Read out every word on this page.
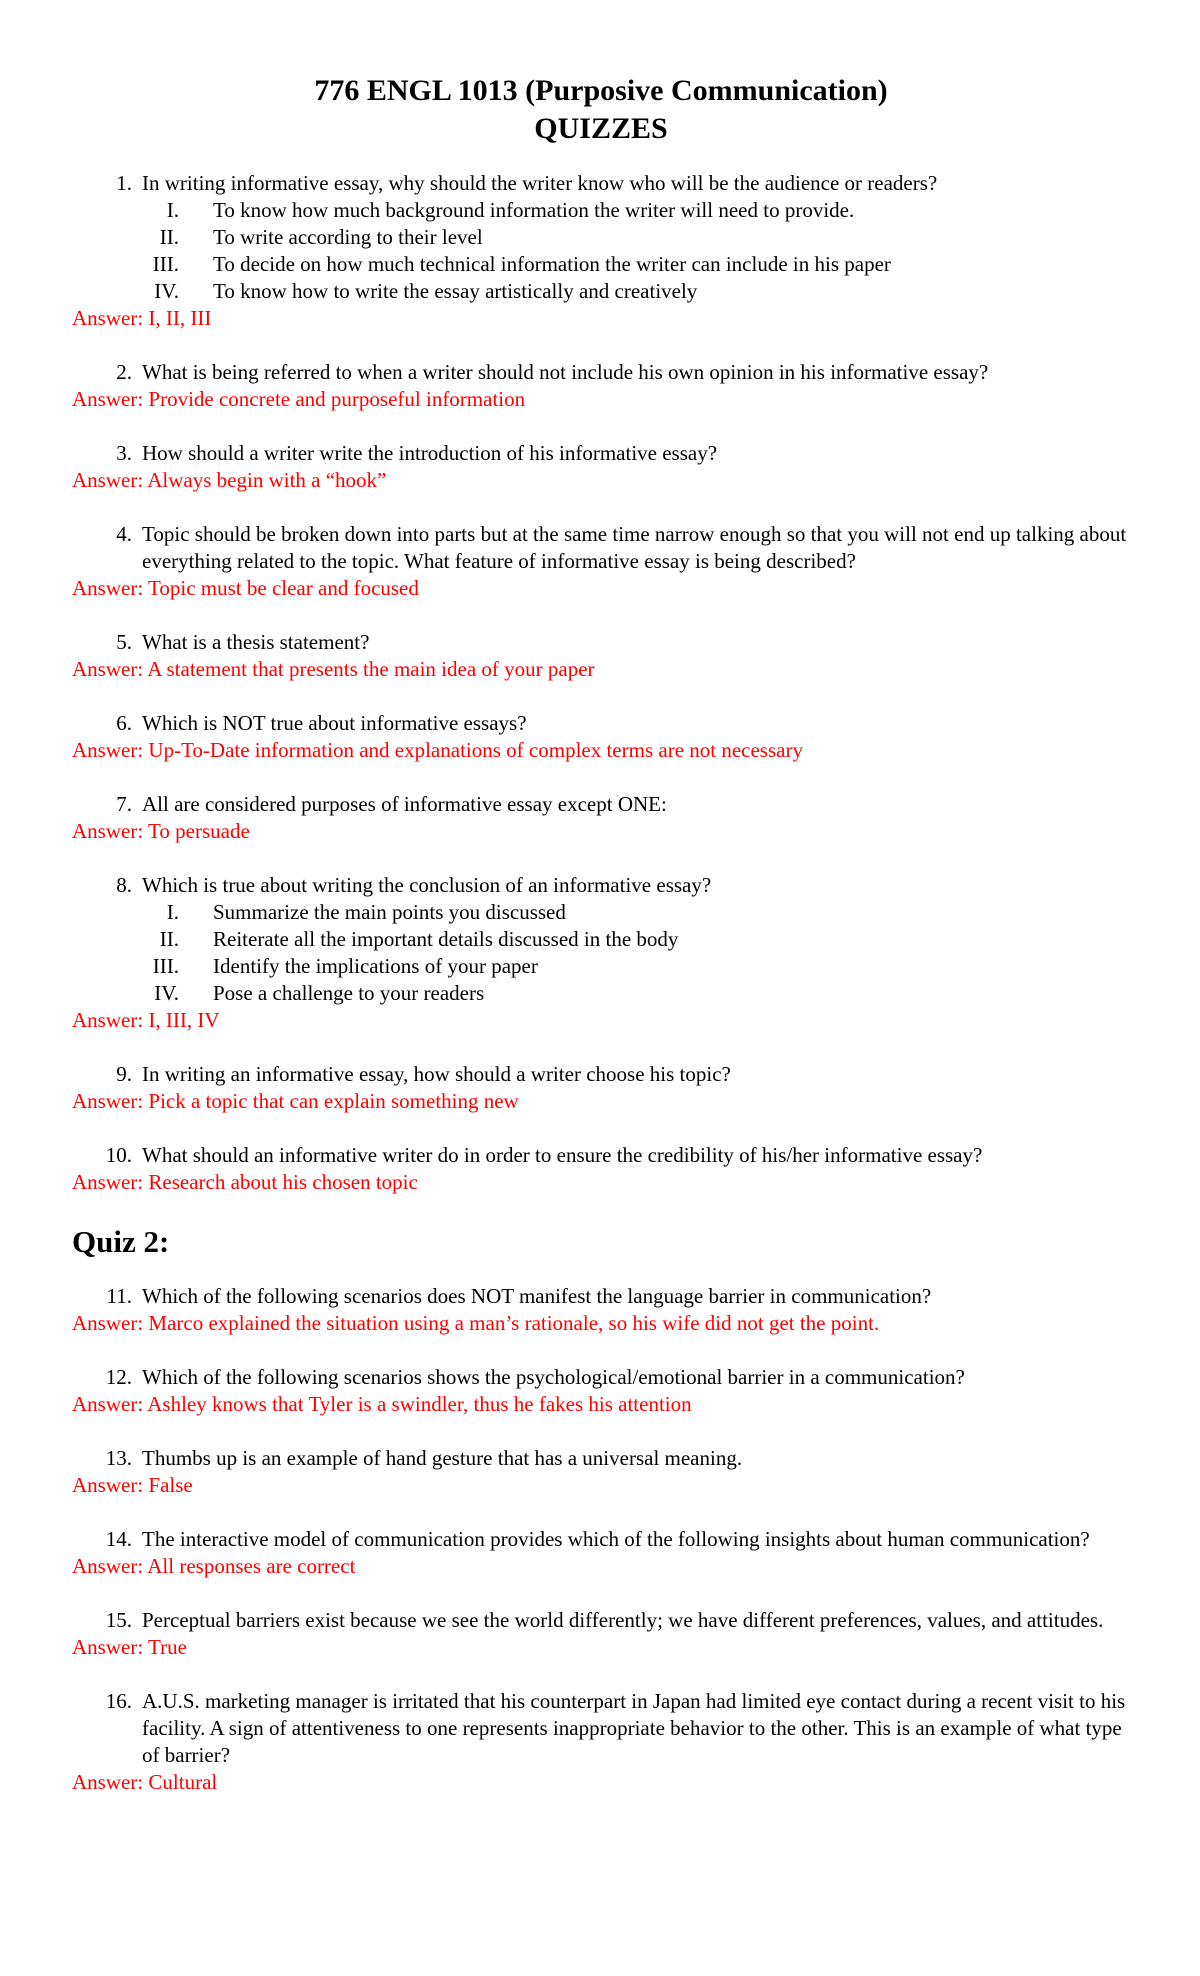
776 ENGL 1013 (Purposive Communication)
QUIZZES
1. In writing informative essay, why should the writer know who will be the audience or readers?
I.	To know how much background information the writer will need to provide.
II.	To write according to their level
III.	To decide on how much technical information the writer can include in his paper
IV.	To know how to write the essay artistically and creatively
Answer: I, II, III
2. What is being referred to when a writer should not include his own opinion in his informative essay?
Answer: Provide concrete and purposeful information
3. How should a writer write the introduction of his informative essay?
Answer: Always begin with a “hook”
4. Topic should be broken down into parts but at the same time narrow enough so that you will not end up talking about everything related to the topic. What feature of informative essay is being described?
Answer: Topic must be clear and focused
5. What is a thesis statement?
Answer: A statement that presents the main idea of your paper
6. Which is NOT true about informative essays?
Answer: Up-To-Date information and explanations of complex terms are not necessary
7. All are considered purposes of informative essay except ONE:
Answer: To persuade
8. Which is true about writing the conclusion of an informative essay?
I.	Summarize the main points you discussed
II.	Reiterate all the important details discussed in the body
III.	Identify the implications of your paper
IV.	Pose a challenge to your readers
Answer: I, III, IV
9. In writing an informative essay, how should a writer choose his topic?
Answer: Pick a topic that can explain something new
10. What should an informative writer do in order to ensure the credibility of his/her informative essay?
Answer: Research about his chosen topic
Quiz 2:
11. Which of the following scenarios does NOT manifest the language barrier in communication?
Answer: Marco explained the situation using a man’s rationale, so his wife did not get the point.
12. Which of the following scenarios shows the psychological/emotional barrier in a communication?
Answer: Ashley knows that Tyler is a swindler, thus he fakes his attention
13. Thumbs up is an example of hand gesture that has a universal meaning.
Answer: False
14. The interactive model of communication provides which of the following insights about human communication?
Answer: All responses are correct
15. Perceptual barriers exist because we see the world differently; we have different preferences, values, and attitudes.
Answer: True
16. A.U.S. marketing manager is irritated that his counterpart in Japan had limited eye contact during a recent visit to his facility. A sign of attentiveness to one represents inappropriate behavior to the other. This is an example of what type of barrier?
Answer: Cultural
